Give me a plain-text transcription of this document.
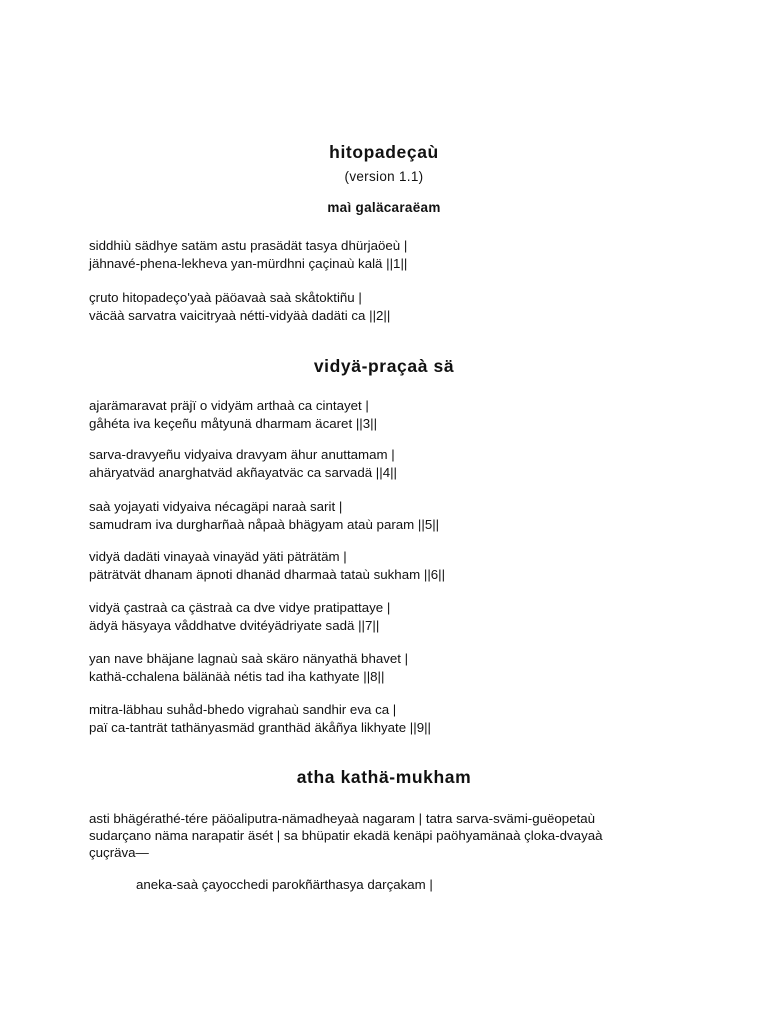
hitopadeçaù
(version 1.1)
maì galäcaraëam
siddhiù sädhye satäm astu prasädät tasya dhürjaöeù |
jähnavé-phena-lekheva yan-mürdhni çaçinaù kalä ||1||
çruto hitopadeço'yaà päöavaà saà skåtoktiñu |
väcäà sarvatra vaicitryaà nétti-vidyäà dadäti ca ||2||
vidyä-praçaà sä
ajarämaravat präjï o vidyäm arthaà ca cintayet |
gåhéta iva keçeñu måtyunä dharmam äcaret ||3||
sarva-dravyeñu vidyaiva dravyam ähur anuttamam |
ahäryatväd anarghatväd akñayatväc ca sarvadä ||4||
saà yojayati vidyaiva nécagäpi naraà sarit |
samudram iva durgharñaà nåpaà bhägyam ataù param ||5||
vidyä dadäti vinayaà vinayäd yäti päträtäm |
päträtvät dhanam äpnoti dhanäd dharmaà tataù sukham ||6||
vidyä çastraà ca çästraà ca dve vidye pratipattaye |
ädyä häsyaya våddhatve dvitéyädriyate sadä ||7||
yan nave bhäjane lagnaù saà skäro nänyathä bhavet |
kathä-cchalena bälänäà nétis tad iha kathyate ||8||
mitra-läbhau suhåd-bhedo vigrahaù sandhir eva ca |
paï ca-tanträt tathänyasmäd granthäd äkåñya likhyate ||9||
atha kathä-mukham
asti bhägérathé-tére päöaliputra-nämadheyaà nagaram | tatra sarva-svämi-guëopetaù
sudarçano näma narapatir äsét | sa bhüpatir ekadä kenäpi paöhyamänaà çloka-dvayaà
çuçräva—
aneka-saà çayocchedi parokñärthasya darçakam |
